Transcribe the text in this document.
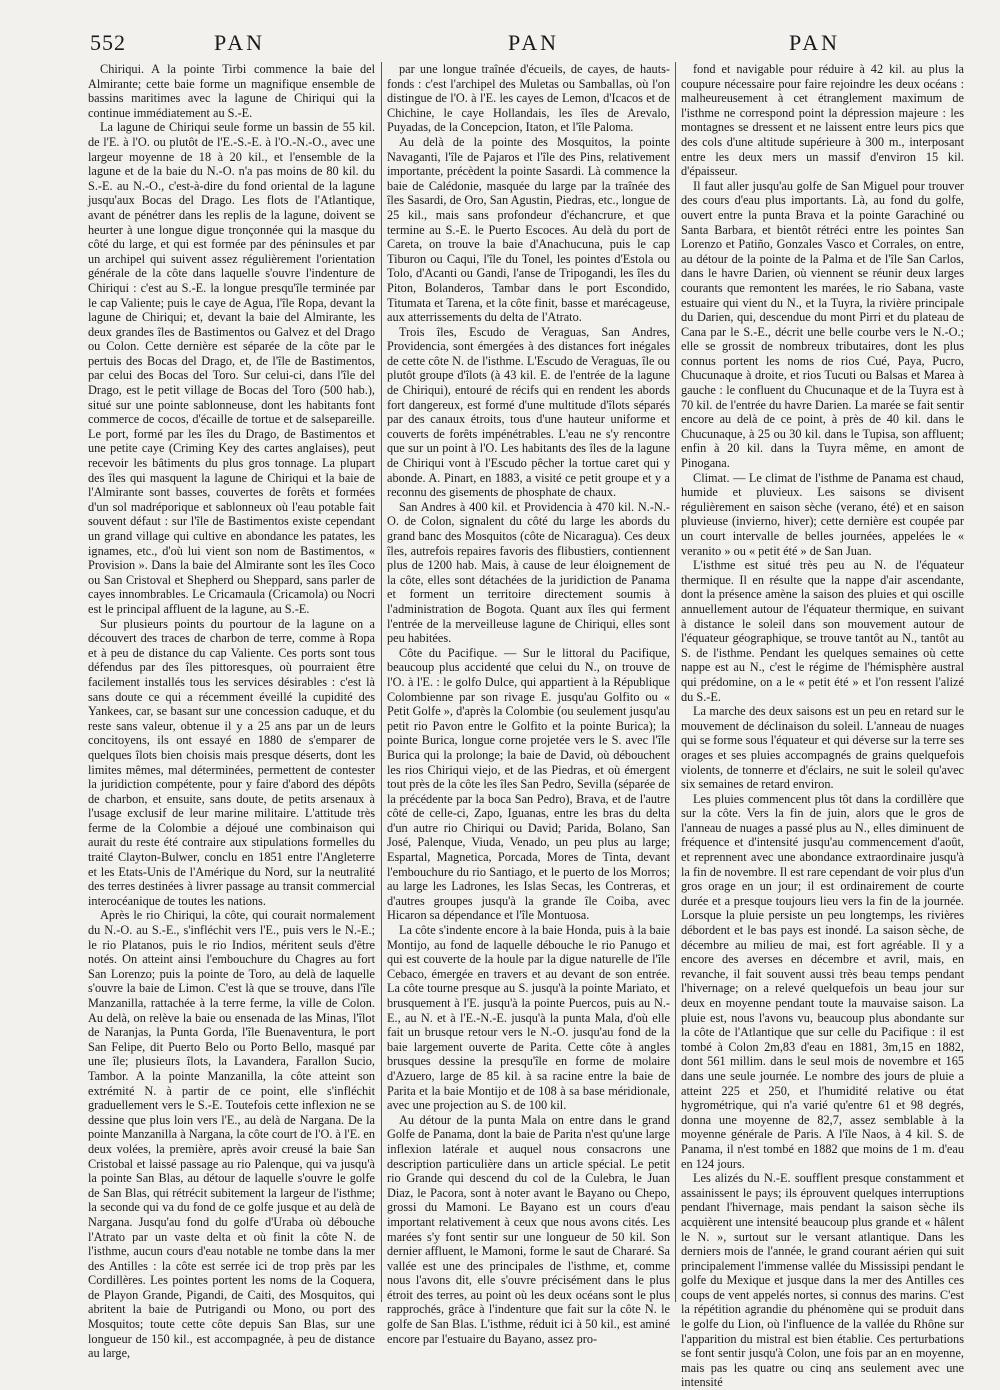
552	PAN	PAN	PAN

Chiriqui. A la pointe Tirbi commence la baie del Almirante; cette baie forme un magnifique ensemble de bassins maritimes avec la lagune de Chiriqui qui la continue immédiatement au S.-E.

La lagune de Chiriqui seule forme un bassin de 55 kil. de l'E. à l'O. ou plutôt de l'E.-S.-E. à l'O.-N.-O., avec une largeur moyenne de 18 à 20 kil., et l'ensemble de la lagune et de la baie du N.-O. n'a pas moins de 80 kil. du S.-E. au N.-O., c'est-à-dire du fond oriental de la lagune jusqu'aux Bocas del Drago. Les flots de l'Atlantique, avant de pénétrer dans les replis de la lagune, doivent se heurter à une longue digue tronçonnée qui la masque du côté du large, et qui est formée par des péninsules et par un archipel qui suivent assez régulièrement l'orientation générale de la côte dans laquelle s'ouvre l'indenture de Chiriqui : c'est au S.-E. la longue presqu'île terminée par le cap Valiente; puis le caye de Agua, l'île Ropa, devant la lagune de Chiriqui; et, devant la baie del Almirante, les deux grandes îles de Bastimentos ou Galvez et del Drago ou Colon. Cette dernière est séparée de la côte par le pertuis des Bocas del Drago, et, de l'île de Bastimentos, par celui des Bocas del Toro. Sur celui-ci, dans l'île del Drago, est le petit village de Bocas del Toro (500 hab.), situé sur une pointe sablonneuse, dont les habitants font commerce de cocos, d'écaille de tortue et de salsepareille. Le port, formé par les îles du Drago, de Bastimentos et une petite caye (Criming Key des cartes anglaises), peut recevoir les bâtiments du plus gros tonnage. La plupart des îles qui masquent la lagune de Chiriqui et la baie de l'Almirante sont basses, couvertes de forêts et formées d'un sol madréporique et sablonneux où l'eau potable fait souvent défaut : sur l'île de Bastimentos existe cependant un grand village qui cultive en abondance les patates, les ignames, etc., d'où lui vient son nom de Bastimentos, « Provision ». Dans la baie del Almirante sont les îles Coco ou San Cristoval et Shepherd ou Sheppard, sans parler de cayes innombrables. Le Cricamaula (Cricamola) ou Nocri est le principal affluent de la lagune, au S.-E.

Sur plusieurs points du pourtour de la lagune on a découvert des traces de charbon de terre, comme à Ropa et à peu de distance du cap Valiente. Ces ports sont tous défendus par des îles pittoresques, où pourraient être facilement installés tous les services désirables : c'est là sans doute ce qui a récemment éveillé la cupidité des Yankees, car, se basant sur une concession caduque, et du reste sans valeur, obtenue il y a 25 ans par un de leurs concitoyens, ils ont essayé en 1880 de s'emparer de quelques îlots bien choisis mais presque déserts, dont les limites mêmes, mal déterminées, permettent de contester la juridiction compétente, pour y faire d'abord des dépôts de charbon, et ensuite, sans doute, de petits arsenaux à l'usage exclusif de leur marine militaire. L'attitude très ferme de la Colombie a déjoué une combinaison qui aurait du reste été contraire aux stipulations formelles du traité Clayton-Bulwer, conclu en 1851 entre l'Angleterre et les Etats-Unis de l'Amérique du Nord, sur la neutralité des terres destinées à livrer passage au transit commercial interocéanique de toutes les nations.

Après le rio Chiriqui, la côte, qui courait normalement du N.-O. au S.-E., s'infléchit vers l'E., puis vers le N.-E.; le rio Platanos, puis le rio Indios, méritent seuls d'être notés. On atteint ainsi l'embouchure du Chagres au fort San Lorenzo; puis la pointe de Toro, au delà de laquelle s'ouvre la baie de Limon. C'est là que se trouve, dans l'île Manzanilla, rattachée à la terre ferme, la ville de Colon. Au delà, on relève la baie ou ensenada de las Minas, l'îlot de Naranjas, la Punta Gorda, l'île Buenaventura, le port San Felipe, dit Puerto Belo ou Porto Bello, masqué par une île; plusieurs îlots, la Lavandera, Farallon Sucio, Tambor. A la pointe Manzanilla, la côte atteint son extrémité N. à partir de ce point, elle s'infléchit graduellement vers le S.-E. Toutefois cette inflexion ne se dessine que plus loin vers l'E., au delà de Nargana. De la pointe Manzanilla à Nargana, la côte court de l'O. à l'E. en deux volées, la première, après avoir creusé la baie San Cristobal et laissé passage au rio Palenque, qui va jusqu'à la pointe San Blas, au détour de laquelle s'ouvre le golfe de San Blas, qui rétrécit subitement la largeur de l'isthme; la seconde qui va du fond de ce golfe jusque et au delà de Nargana. Jusqu'au fond du golfe d'Uraba où débouche l'Atrato par un vaste delta et où finit la côte N. de l'isthme, aucun cours d'eau notable ne tombe dans la mer des Antilles : la côte est serrée ici de trop près par les Cordillères. Les pointes portent les noms de la Coquera, de Playon Grande, Pigandi, de Caiti, des Mosquitos, qui abritent la baie de Putrigandi ou Mono, ou port des Mosquitos; toute cette côte depuis San Blas, sur une longueur de 150 kil., est accompagnée, à peu de distance au large,

par une longue traînée d'écueils, de cayes, de hauts-fonds : c'est l'archipel des Muletas ou Samballas, où l'on distingue de l'O. à l'E. les cayes de Lemon, d'Icacos et de Chichine, le caye Hollandais, les îles de Arevalo, Puyadas, de la Concepcion, Itaton, et l'île Paloma.

Au delà de la pointe des Mosquitos, la pointe Navaganti, l'île de Pajaros et l'île des Pins, relativement importante, précèdent la pointe Sasardi. Là commence la baie de Calédonie, masquée du large par la traînée des îles Sasardi, de Oro, San Agustin, Piedras, etc., longue de 25 kil., mais sans profondeur d'échancrure, et que termine au S.-E. le Puerto Escoces. Au delà du port de Careta, on trouve la baie d'Anachucuna, puis le cap Tiburon ou Caqui, l'île du Tonel, les pointes d'Estola ou Tolo, d'Acanti ou Gandi, l'anse de Tripogandi, les îles du Piton, Bolanderos, Tambar dans le port Escondido, Titumata et Tarena, et la côte finit, basse et marécageuse, aux atterrissements du delta de l'Atrato.

Trois îles, Escudo de Veraguas, San Andres, Providencia, sont émergées à des distances fort inégales de cette côte N. de l'isthme. L'Escudo de Veraguas, île ou plutôt groupe d'îlots (à 43 kil. E. de l'entrée de la lagune de Chiriqui), entouré de récifs qui en rendent les abords fort dangereux, est formé d'une multitude d'îlots séparés par des canaux étroits, tous d'une hauteur uniforme et couverts de forêts impénétrables. L'eau ne s'y rencontre que sur un point à l'O. Les habitants des îles de la lagune de Chiriqui vont à l'Escudo pêcher la tortue caret qui y abonde. A. Pinart, en 1883, a visité ce petit groupe et y a reconnu des gisements de phosphate de chaux.

San Andres à 400 kil. et Providencia à 470 kil. N.-N.-O. de Colon, signalent du côté du large les abords du grand banc des Mosquitos (côte de Nicaragua). Ces deux îles, autrefois repaires favoris des flibustiers, contiennent plus de 1200 hab. Mais, à cause de leur éloignement de la côte, elles sont détachées de la juridiction de Panama et forment un territoire directement soumis à l'administration de Bogota. Quant aux îles qui ferment l'entrée de la merveilleuse lagune de Chiriqui, elles sont peu habitées.

Côte du Pacifique. — Sur le littoral du Pacifique, beaucoup plus accidenté que celui du N., on trouve de l'O. à l'E. : le golfo Dulce, qui appartient à la République Colombienne par son rivage E. jusqu'au Golfito ou « Petit Golfe », d'après la Colombie (ou seulement jusqu'au petit rio Pavon entre le Golfito et la pointe Burica); la pointe Burica, longue corne projetée vers le S. avec l'île Burica qui la prolonge; la baie de David, où débouchent les rios Chiriqui viejo, et de las Piedras, et où émergent tout près de la côte les îles San Pedro, Sevilla (séparée de la précédente par la boca San Pedro), Brava, et de l'autre côté de celle-ci, Zapo, Iguanas, entre les bras du delta d'un autre rio Chiriqui ou David; Parida, Bolano, San José, Palenque, Viuda, Venado, un peu plus au large; Espartal, Magnetica, Porcada, Mores de Tinta, devant l'embouchure du rio Santiago, et le puerto de los Morros; au large les Ladrones, les Islas Secas, les Contreras, et d'autres groupes jusqu'à la grande île Coiba, avec Hicaron sa dépendance et l'île Montuosa.

La côte s'indente encore à la baie Honda, puis à la baie Montijo, au fond de laquelle débouche le rio Panugo et qui est couverte de la houle par la digue naturelle de l'île Cebaco, émergée en travers et au devant de son entrée. La côte tourne presque au S. jusqu'à la pointe Mariato, et brusquement à l'E. jusqu'à la pointe Puercos, puis au N.-E., au N. et à l'E.-N.-E. jusqu'à la punta Mala, d'où elle fait un brusque retour vers le N.-O. jusqu'au fond de la baie largement ouverte de Parita. Cette côte à angles brusques dessine la presqu'île en forme de molaire d'Azuero, large de 85 kil. à sa racine entre la baie de Parita et la baie Montijo et de 108 à sa base méridionale, avec une projection au S. de 100 kil.

Au détour de la punta Mala on entre dans le grand Golfe de Panama, dont la baie de Parita n'est qu'une large inflexion latérale et auquel nous consacrons une description particulière dans un article spécial. Le petit rio Grande qui descend du col de la Culebra, le Juan Diaz, le Pacora, sont à noter avant le Bayano ou Chepo, grossi du Mamoni. Le Bayano est un cours d'eau important relativement à ceux que nous avons cités. Les marées s'y font sentir sur une longueur de 50 kil. Son dernier affluent, le Mamoni, forme le saut de Chararé. Sa vallée est une des principales de l'isthme, et, comme nous l'avons dit, elle s'ouvre précisément dans le plus étroit des terres, au point où les deux océans sont le plus rapprochés, grâce à l'indenture que fait sur la côte N. le golfe de San Blas. L'isthme, réduit ici à 50 kil., est aminé encore par l'estuaire du Bayano, assez pro-

fond et navigable pour réduire à 42 kil. au plus la coupure nécessaire pour faire rejoindre les deux océans : malheureusement à cet étranglement maximum de l'isthme ne correspond point la dépression majeure : les montagnes se dressent et ne laissent entre leurs pics que des cols d'une altitude supérieure à 300 m., interposant entre les deux mers un massif d'environ 15 kil. d'épaisseur.

Il faut aller jusqu'au golfe de San Miguel pour trouver des cours d'eau plus importants. Là, au fond du golfe, ouvert entre la punta Brava et la pointe Garachiné ou Santa Barbara, et bientôt rétréci entre les pointes San Lorenzo et Patiño, Gonzales Vasco et Corrales, on entre, au détour de la pointe de la Palma et de l'île San Carlos, dans le havre Darien, où viennent se réunir deux larges courants que remontent les marées, le rio Sabana, vaste estuaire qui vient du N., et la Tuyra, la rivière principale du Darien, qui, descendue du mont Pirri et du plateau de Cana par le S.-E., décrit une belle courbe vers le N.-O.; elle se grossit de nombreux tributaires, dont les plus connus portent les noms de rios Cué, Paya, Pucro, Chucunaque à droite, et rios Tucuti ou Balsas et Marea à gauche : le confluent du Chucunaque et de la Tuyra est à 70 kil. de l'entrée du havre Darien. La marée se fait sentir encore au delà de ce point, à près de 40 kil. dans le Chucunaque, à 25 ou 30 kil. dans le Tupisa, son affluent; enfin à 20 kil. dans la Tuyra même, en amont de Pinogana.

Climat. — Le climat de l'isthme de Panama est chaud, humide et pluvieux. Les saisons se divisent régulièrement en saison sèche (verano, été) et en saison pluvieuse (invierno, hiver); cette dernière est coupée par un court intervalle de belles journées, appelées le « veranito » ou « petit été » de San Juan.

L'isthme est situé très peu au N. de l'équateur thermique. Il en résulte que la nappe d'air ascendante, dont la présence amène la saison des pluies et qui oscille annuellement autour de l'équateur thermique, en suivant à distance le soleil dans son mouvement autour de l'équateur géographique, se trouve tantôt au N., tantôt au S. de l'isthme. Pendant les quelques semaines où cette nappe est au N., c'est le régime de l'hémisphère austral qui prédomine, on a le « petit été » et l'on ressent l'alizé du S.-E.

La marche des deux saisons est un peu en retard sur le mouvement de déclinaison du soleil. L'anneau de nuages qui se forme sous l'équateur et qui déverse sur la terre ses orages et ses pluies accompagnés de grains quelquefois violents, de tonnerre et d'éclairs, ne suit le soleil qu'avec six semaines de retard environ.

Les pluies commencent plus tôt dans la cordillère que sur la côte. Vers la fin de juin, alors que le gros de l'anneau de nuages a passé plus au N., elles diminuent de fréquence et d'intensité jusqu'au commencement d'août, et reprennent avec une abondance extraordinaire jusqu'à la fin de novembre. Il est rare cependant de voir plus d'un gros orage en un jour; il est ordinairement de courte durée et a presque toujours lieu vers la fin de la journée. Lorsque la pluie persiste un peu longtemps, les rivières débordent et le bas pays est inondé. La saison sèche, de décembre au milieu de mai, est fort agréable. Il y a encore des averses en décembre et avril, mais, en revanche, il fait souvent aussi très beau temps pendant l'hivernage; on a relevé quelquefois un beau jour sur deux en moyenne pendant toute la mauvaise saison. La pluie est, nous l'avons vu, beaucoup plus abondante sur la côte de l'Atlantique que sur celle du Pacifique : il est tombé à Colon 2m,83 d'eau en 1881, 3m,15 en 1882, dont 561 millim. dans le seul mois de novembre et 165 dans une seule journée. Le nombre des jours de pluie a atteint 225 et 250, et l'humidité relative ou état hygrométrique, qui n'a varié qu'entre 61 et 98 degrés, donna une moyenne de 82,7, assez semblable à la moyenne générale de Paris. A l'île Naos, à 4 kil. S. de Panama, il n'est tombé en 1882 que moins de 1 m. d'eau en 124 jours.

Les alizés du N.-E. soufflent presque constamment et assainissent le pays; ils éprouvent quelques interruptions pendant l'hivernage, mais pendant la saison sèche ils acquièrent une intensité beaucoup plus grande et « hâlent le N. », surtout sur le versant atlantique. Dans les derniers mois de l'année, le grand courant aérien qui suit principalement l'immense vallée du Mississipi pendant le golfe du Mexique et jusque dans la mer des Antilles ces coups de vent appelés nortes, si connus des marins. C'est la répétition agrandie du phénomène qui se produit dans le golfe du Lion, où l'influence de la vallée du Rhône sur l'apparition du mistral est bien établie. Ces perturbations se font sentir jusqu'à Colon, une fois par an en moyenne, mais pas les quatre ou cinq ans seulement avec une intensité
